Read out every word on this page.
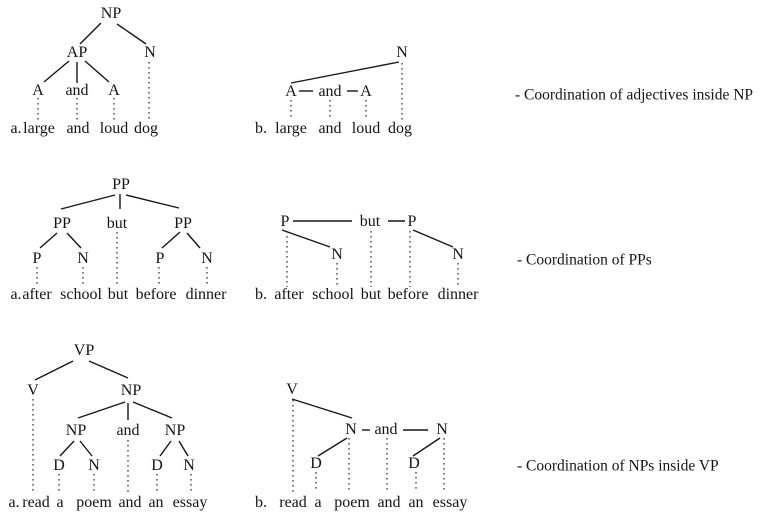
- Coordination of adjectives inside NP
- Coordination of PPs
- Coordination of NPs inside VP
NP
AP	N
A and A
a. large and loud dog
N
A and A
b. large and loud dog
PP
PP but	PP
P N	P N
a. after school but before dinner
P	but P
N	N
b. after school but before dinner
VP
V	NP
NP and NP
D N	D N
a. read a poem and an essay
V
N and N
D	D
b. read a poem and an essay
